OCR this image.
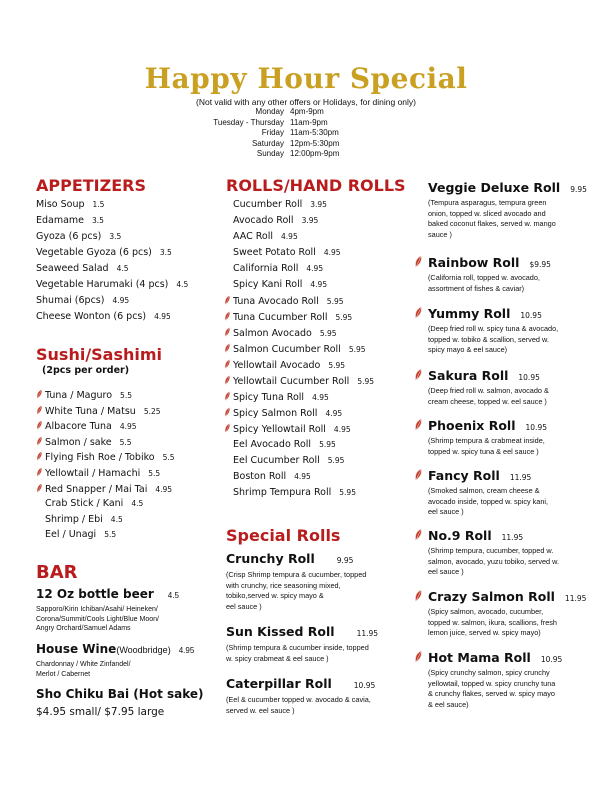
Happy Hour Special
(Not valid with any other offers or Holidays, for dining only)
APPETIZERS
Sushi/Sashimi
(2pcs per order)
BAR
12 Oz bottle beer 4.5
Sapporo/Kirin Ichiban/Asahi/ Heineken/
Corona/Summit/Cools Light/Blue Moon/
Angry Orchard/Samuel Adams
House Wine(Woodbridge) 4.95
Chardonnay / White Zinfandel/
Merlot / Cabernet
Sho Chiku Bai (Hot sake)
$4.95 small/ $7.95 large
ROLLS/HAND ROLLS
Special Rolls
Monday 4pm-9pm
Tuesday - Thursday 11am-9pm
Friday 11am-5:30pm
Saturday 12pm-5:30pm
Sunday 12:00pm-9pm
Miso Soup 1.5
Edamame 3.5
Gyoza (6 pcs) 3.5
Vegetable Gyoza (6 pcs) 3.5
Seaweed Salad 4.5
Vegetable Harumaki (4 pcs) 4.5
Shumai (6pcs) 4.95
Cheese Wonton (6 pcs) 4.95
Tuna / Maguro 5.5
White Tuna / Matsu 5.25
Albacore Tuna 4.95
Salmon / sake 5.5
Flying Fish Roe / Tobiko 5.5
Yellowtail / Hamachi 5.5
Red Snapper / Mai Tai 4.95
Crab Stick / Kani 4.5
Shrimp / Ebi 4.5
Eel / Unagi 5.5
Cucumber Roll 3.95
Avocado Roll 3.95
AAC Roll 4.95
Sweet Potato Roll 4.95
California Roll 4.95
Spicy Kani Roll 4.95
Tuna Avocado Roll 5.95
Tuna Cucumber Roll 5.95
Salmon Avocado 5.95
Salmon Cucumber Roll 5.95
Yellowtail Avocado 5.95
Yellowtail Cucumber Roll 5.95
Spicy Tuna Roll 4.95
Spicy Salmon Roll 4.95
Spicy Yellowtail Roll 4.95
Eel Avocado Roll 5.95
Eel Cucumber Roll 5.95
Boston Roll 4.95
Shrimp Tempura Roll 5.95
Crunchy Roll	9.95
(Crisp Shrimp tempura & cucumber, topped
with crunchy, rice seasoning mixed,
tobiko,served w. spicy mayo &
eel sauce )
Sun Kissed Roll	11.95
(Shrimp tempura & cucumber inside, topped
w. spicy crabmeat & eel sauce )
Caterpillar Roll	10.95
(Eel & cucumber topped w. avocado & cavia,
served w. eel sauce )
Veggie Deluxe Roll 9.95
(Tempura asparagus, tempura green
onion, topped w. sliced avocado and
baked coconut flakes, served w. mango
sauce )
Rainbow Roll $9.95
(California roll, topped w. avocado,
assortment of fishes & caviar)
Yummy Roll 10.95
(Deep fried roll w. spicy tuna & avocado,
topped w. tobiko & scallion, served w.
spicy mayo & eel sauce)
Sakura Roll 10.95
(Deep fried roll w. salmon, avocado &
cream cheese, topped w. eel sauce )
Phoenix Roll 10.95
(Shrimp tempura & crabmeat inside,
topped w. spicy tuna & eel sauce )
Fancy Roll 11.95
(Smoked salmon, cream cheese &
avocado inside, topped w. spicy kani,
eel sauce )
No.9 Roll 11.95
(Shrimp tempura, cucumber, topped w.
salmon, avocado, yuzu tobiko, served w.
eel sauce )
Crazy Salmon Roll 11.95
(Spicy salmon, avocado, cucumber,
topped w. salmon, ikura, scallions, fresh
lemon juice, served w. spicy mayo)
Hot Mama Roll 10.95
(Spicy crunchy salmon, spicy crunchy
yellowtail, topped w. spicy crunchy tuna
& crunchy flakes, served w. spicy mayo
& eel sauce)
